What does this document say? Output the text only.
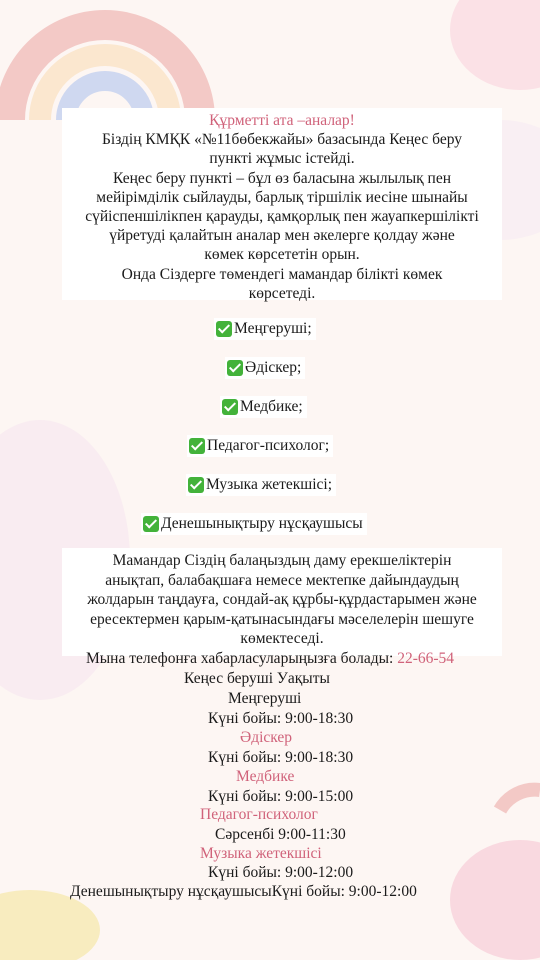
Құрметті ата –аналар!
Біздің КМҚК «№11бөбекжайы» базасында Кеңес беру
пункті жұмыс істейді.
Кеңес беру пункті – бұл өз баласына жылылық пен
мейірімділік сыйлауды, барлық тіршілік иесіне шынайы
сүйіспеншілікпен қарауды, қамқорлық пен жауапкершілікті
үйретуді қалайтын аналар мен әкелерге қолдау және
көмек көрсететін орын.
Онда Сіздерге төмендегі мамандар білікті көмек
көрсетеді.
Меңгеруші;
Әдіскер;
Медбике;
Педагог-психолог;
Музыка жетекшісі;
Денешынықтыру нұсқаушысы
Мамандар Сіздің балаңыздың даму ерекшеліктерін
анықтап, балабақшаға немесе мектепке дайындаудың
жолдарын таңдауға, сондай-ақ құрбы-құрдастарымен және
ересектермен қарым-қатынасындағы мәселелерін шешуге
көмектеседі.
Мына телефонға хабарласуларыңызға болады: 22-66-54
Кеңес беруші Уақыты
Меңгеруші
Күні бойы: 9:00-18:30
Әдіскер
Күні бойы: 9:00-18:30
Медбике
Күні бойы: 9:00-15:00
Педагог-психолог
Сәрсенбі 9:00-11:30
Музыка жетекшісі
Күні бойы: 9:00-12:00
Денешынықтыру нұсқаушысыКүні бойы: 9:00-12:00
